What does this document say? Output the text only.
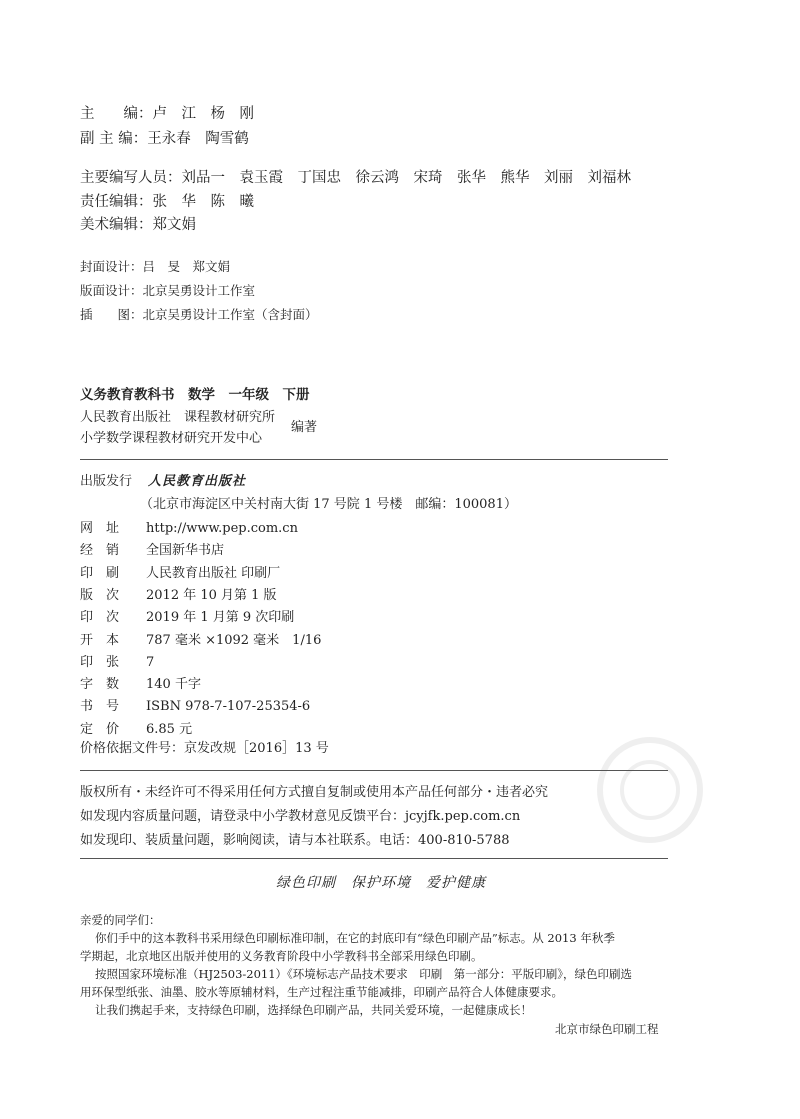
主　　编：卢　江　杨　刚
副 主 编：王永春　陶雪鹤
主要编写人员：刘品一　袁玉霞　丁国忠　徐云鸿　宋琦　张华　熊华　刘丽　刘福林
责任编辑：张　华　陈　曦
美术编辑：郑文娟
封面设计：吕　旻　郑文娟
版面设计：北京吴勇设计工作室
插　　图：北京吴勇设计工作室（含封面）
义务教育教科书　数学　一年级　下册
人民教育出版社　课程教材研究所
小学数学课程教材研究开发中心
编著
出版发行 人民教育出版社
（北京市海淀区中关村南大街 17 号院 1 号楼　邮编：100081）
网　址 http://www.pep.com.cn
经　销 全国新华书店
印　刷 人民教育出版社 印刷厂
版　次 2012 年 10 月第 1 版
印　次 2019 年 1 月第 9 次印刷
开　本 787 毫米 ×1092 毫米　1/16
印　张 7
字　数 140 千字
书　号 ISBN 978-7-107-25354-6
定　价 6.85 元
价格依据文件号：京发改规［2016］13 号
版权所有・未经许可不得采用任何方式擅自复制或使用本产品任何部分・违者必究
如发现内容质量问题，请登录中小学教材意见反馈平台：jcyjfk.pep.com.cn
如发现印、装质量问题，影响阅读，请与本社联系。电话：400-810-5788
绿色印刷　保护环境　爱护健康
亲爱的同学们：
你们手中的这本教科书采用绿色印刷标准印制，在它的封底印有“绿色印刷产品”标志。从 2013 年秋季
学期起，北京地区出版并使用的义务教育阶段中小学教科书全部采用绿色印刷。
按照国家环境标准（HJ2503-2011）《环境标志产品技术要求　印刷　第一部分：平版印刷》，绿色印刷选
用环保型纸张、油墨、胶水等原辅材料，生产过程注重节能减排，印刷产品符合人体健康要求。
让我们携起手来，支持绿色印刷，选择绿色印刷产品，共同关爱环境，一起健康成长！
北京市绿色印刷工程
